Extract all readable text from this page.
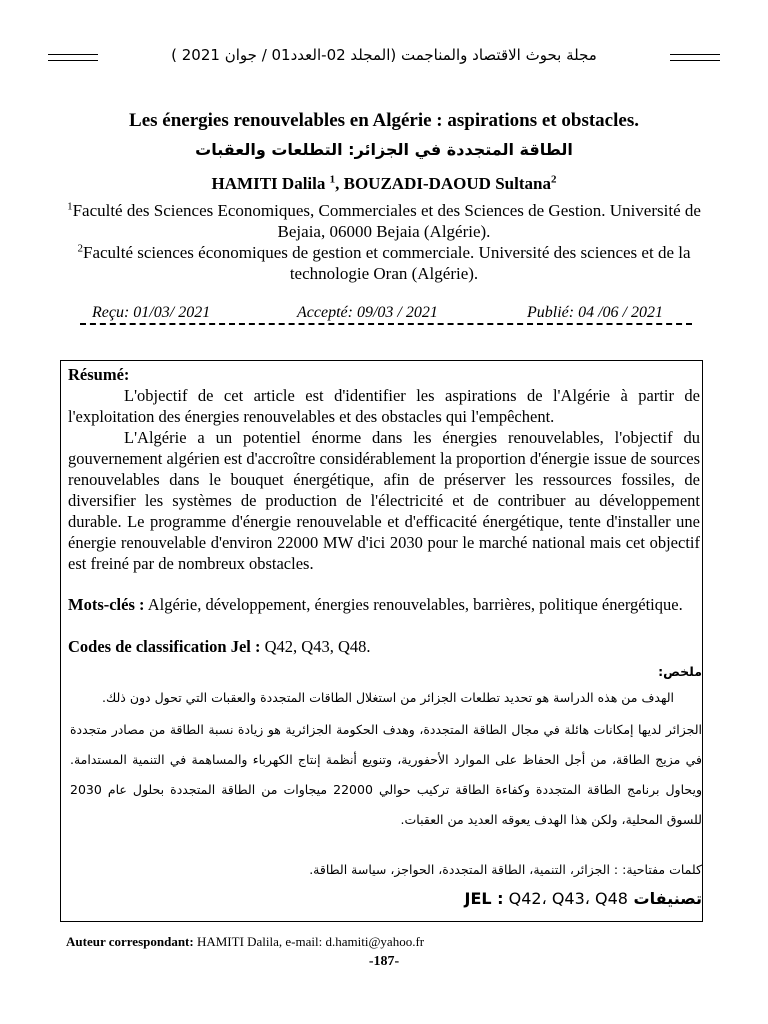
مجلة بحوث الاقتصاد والمناجمت (المجلد 02-العدد01 / جوان 2021 )
Les énergies renouvelables en Algérie : aspirations et obstacles.
الطاقة المتجددة في الجزائر: التطلعات والعقبات
HAMITI Dalila $^1$, BOUZADI-DAOUD Sultana$^2$
$^1$Faculté des Sciences Economiques, Commerciales et des Sciences de Gestion. Université de Bejaia, 06000 Bejaia (Algérie).
$^2$Faculté sciences économiques de gestion et commerciale. Université des sciences et de la technologie Oran (Algérie).
Reçu: 01/03/ 2021	Accepté: 09/03 / 2021	Publié: 04 /06 / 2021
Résumé:
L'objectif de cet article est d'identifier les aspirations de l'Algérie à partir de l'exploitation des énergies renouvelables et des obstacles qui l'empêchent.
L'Algérie a un potentiel énorme dans les énergies renouvelables, l'objectif du gouvernement algérien est d'accroître considérablement la proportion d'énergie issue de sources renouvelables dans le bouquet énergétique, afin de préserver les ressources fossiles, de diversifier les systèmes de production de l'électricité et de contribuer au développement durable. Le programme d'énergie renouvelable et d'efficacité énergétique, tente d'installer une énergie renouvelable d'environ 22000 MW d'ici 2030 pour le marché national mais cet objectif est freiné par de nombreux obstacles.
Mots-clés : Algérie, développement, énergies renouvelables, barrières, politique énergétique.
Codes de classification Jel : Q42, Q43, Q48.
ملخص:
الهدف من هذه الدراسة هو تحديد تطلعات الجزائر من استغلال الطاقات المتجددة والعقبات التي تحول دون ذلك.
الجزائر لديها إمكانات هائلة في مجال الطاقة المتجددة، وهدف الحكومة الجزائرية هو زيادة نسبة الطاقة من مصادر متجددة في مزيج الطاقة، من أجل الحفاظ على الموارد الأحفورية، وتنويع أنظمة إنتاج الكهرباء والمساهمة في التنمية المستدامة. ويحاول برنامج الطاقة المتجددة وكفاءة الطاقة تركيب حوالي 22000 ميجاوات من الطاقة المتجددة بحلول عام 2030 للسوق المحلية، ولكن هذا الهدف يعوقه العديد من العقبات.
كلمات مفتاحية: : الجزائر، التنمية، الطاقة المتجددة، الحواجز، سياسة الطاقة.
تصنيفات JEL : Q42، Q43، Q48
Auteur correspondant: HAMITI Dalila, e-mail: d.hamiti@yahoo.fr
-187-
